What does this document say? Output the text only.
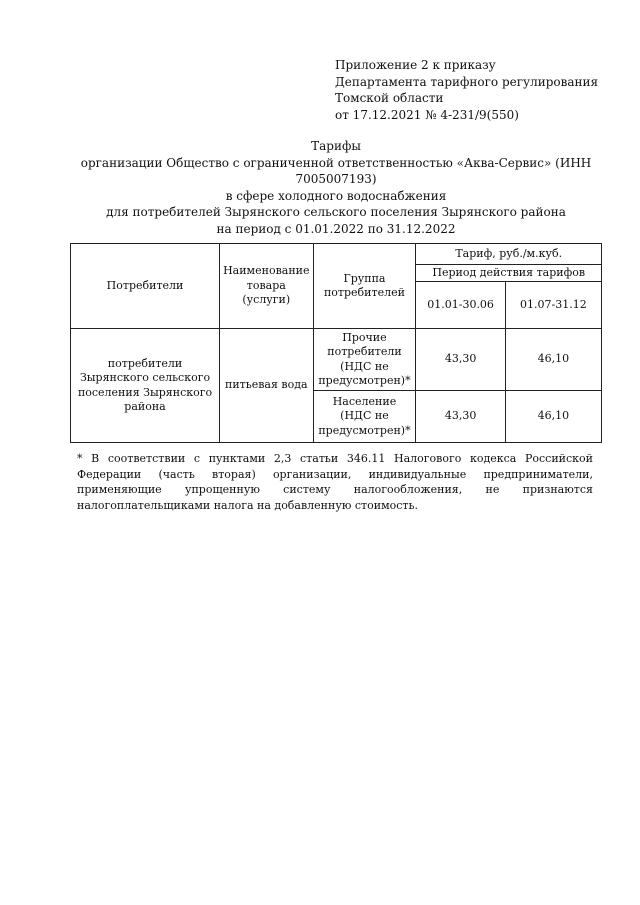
Приложение 2 к приказу
Департамента тарифного регулирования
Томской области
от 17.12.2021 № 4-231/9(550)
Тарифы
организации Общество с ограниченной ответственностью «Аква-Сервис» (ИНН 7005007193)
в сфере холодного водоснабжения
для потребителей Зырянского сельского поселения Зырянского района
на период с 01.01.2022 по 31.12.2022
Потребители	Наименование товара (услуги)	Группа потребителей	Тариф, руб./м.куб.	
			Период действия тарифов	
			01.01-30.06	01.07-31.12
потребители Зырянского сельского поселения Зырянского района	питьевая вода	Прочие потребители (НДС не предусмотрен)*	43,30	46,10
		Население (НДС не предусмотрен)*	43,30	46,10
* В соответствии с пунктами 2,3 статьи 346.11 Налогового кодекса Российской Федерации (часть вторая) организации, индивидуальные предприниматели, применяющие упрощенную систему налогообложения, не признаются налогоплательщиками налога на добавленную стоимость.
